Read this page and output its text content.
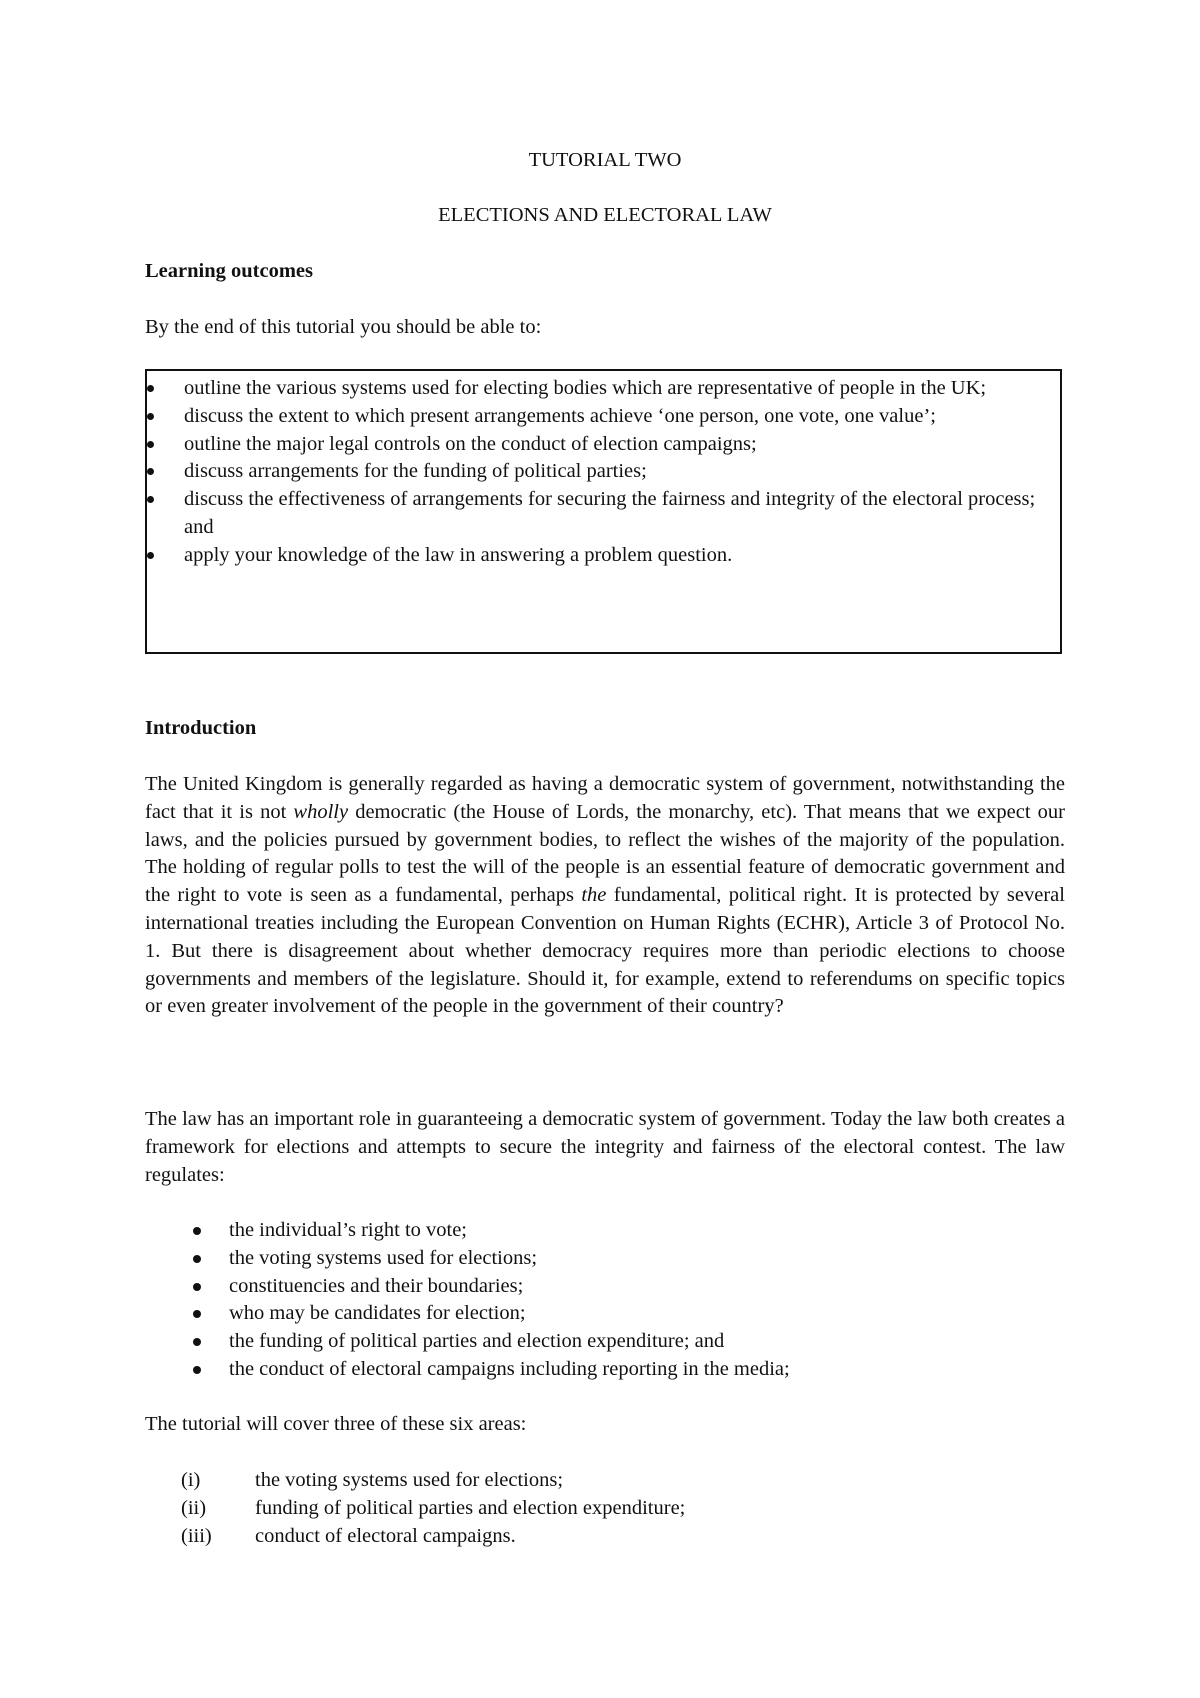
TUTORIAL TWO
ELECTIONS AND ELECTORAL LAW
Learning outcomes
By the end of this tutorial you should be able to:
outline the various systems used for electing bodies which are representative of people in the UK;
discuss the extent to which present arrangements achieve ‘one person, one vote, one value’;
outline the major legal controls on the conduct of election campaigns;
discuss arrangements for the funding of political parties;
discuss the effectiveness of arrangements for securing the fairness and integrity of the electoral process; and
apply your knowledge of the law in answering a problem question.
Introduction
The United Kingdom is generally regarded as having a democratic system of government, notwithstanding the fact that it is not wholly democratic (the House of Lords, the monarchy, etc). That means that we expect our laws, and the policies pursued by government bodies, to reflect the wishes of the majority of the population. The holding of regular polls to test the will of the people is an essential feature of democratic government and the right to vote is seen as a fundamental, perhaps the fundamental, political right. It is protected by several international treaties including the European Convention on Human Rights (ECHR), Article 3 of Protocol No. 1. But there is disagreement about whether democracy requires more than periodic elections to choose governments and members of the legislature. Should it, for example, extend to referendums on specific topics or even greater involvement of the people in the government of their country?
The law has an important role in guaranteeing a democratic system of government. Today the law both creates a framework for elections and attempts to secure the integrity and fairness of the electoral contest. The law regulates:
the individual’s right to vote;
the voting systems used for elections;
constituencies and their boundaries;
who may be candidates for election;
the funding of political parties and election expenditure; and
the conduct of electoral campaigns including reporting in the media;
The tutorial will cover three of these six areas:
(i)	the voting systems used for elections;
(ii) funding of political parties and election expenditure;
(iii) conduct of electoral campaigns.
